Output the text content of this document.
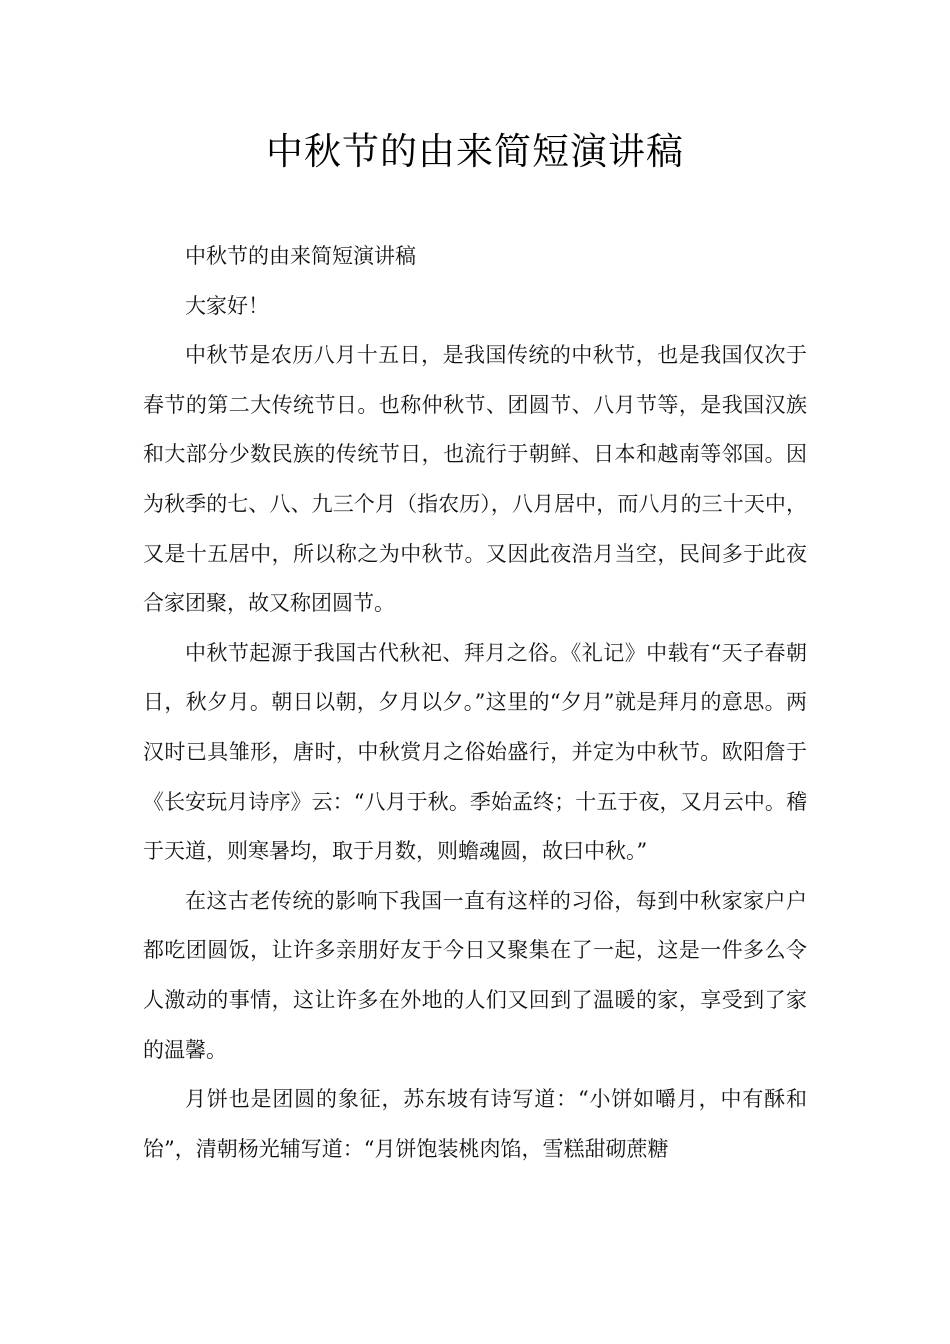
中秋节的由来简短演讲稿

中秋节的由来简短演讲稿

大家好！

中秋节是农历八月十五日，是我国传统的中秋节，也是我国仅次于春节的第二大传统节日。也称仲秋节、团圆节、八月节等，是我国汉族和大部分少数民族的传统节日，也流行于朝鲜、日本和越南等邻国。因为秋季的七、八、九三个月（指农历），八月居中，而八月的三十天中，又是十五居中，所以称之为中秋节。又因此夜浩月当空，民间多于此夜合家团聚，故又称团圆节。

中秋节起源于我国古代秋祀、拜月之俗。《礼记》中载有“天子春朝日，秋夕月。朝日以朝，夕月以夕。”这里的“夕月”就是拜月的意思。两汉时已具雏形，唐时，中秋赏月之俗始盛行，并定为中秋节。欧阳詹于《长安玩月诗序》云：“八月于秋。季始孟终；十五于夜，又月云中。稽于天道，则寒暑均，取于月数，则蟾魂圆，故曰中秋。”

在这古老传统的影响下我国一直有这样的习俗，每到中秋家家户户都吃团圆饭，让许多亲朋好友于今日又聚集在了一起，这是一件多么令人激动的事情，这让许多在外地的人们又回到了温暖的家，享受到了家的温馨。

月饼也是团圆的象征，苏东坡有诗写道：“小饼如嚼月，中有酥和饴”，清朝杨光辅写道：“月饼饱装桃肉馅，雪糕甜砌蔗糖
